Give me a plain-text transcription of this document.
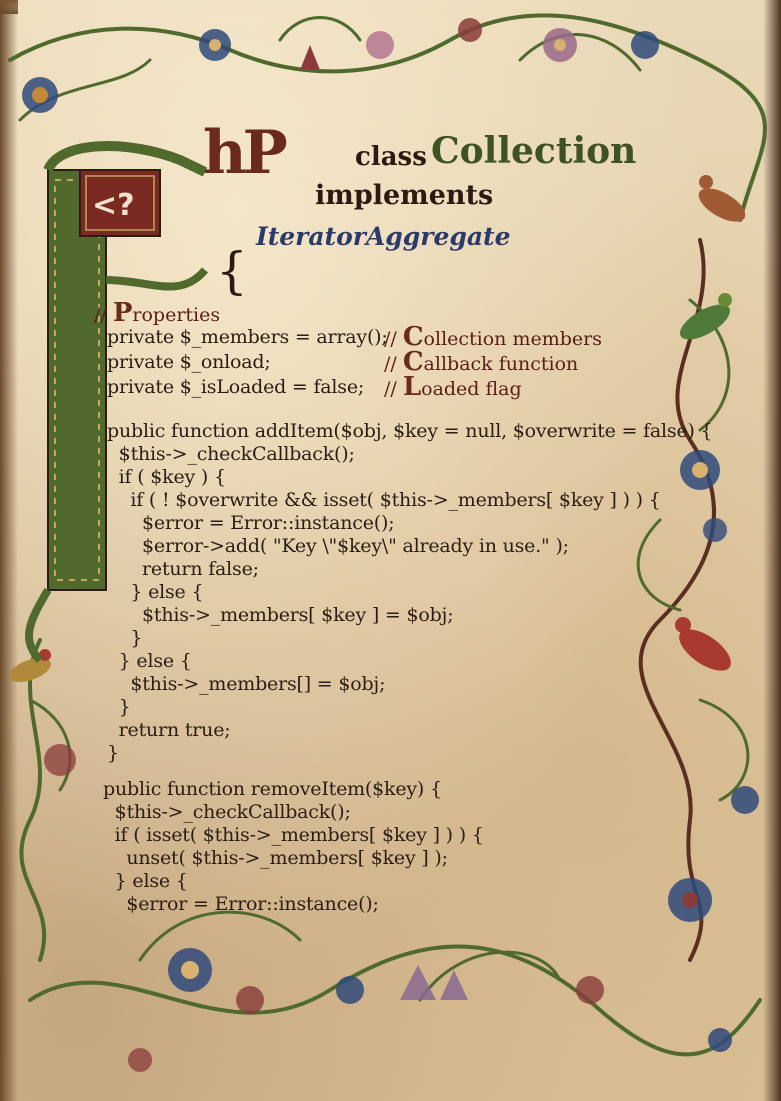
<?
hP	class Collection
implements
IteratorAggregate
{
// Properties
private $_members = array();
// Collection members
private $_onload;	// Callback function
private $_isLoaded = false; // Loaded flag
public function addItem($obj, $key = null, $overwrite = false) {
$this->_checkCallback();
if ( $key ) {
if ( ! $overwrite && isset( $this->_members[ $key ] ) ) {
$error = Error::instance();
$error->add( "Key \"$key\" already in use." );
return false;
} else {
$this->_members[ $key ] = $obj;
}
} else {
$this->_members[] = $obj;
}
return true;
}
public function removeItem($key) {
$this->_checkCallback();
if ( isset( $this->_members[ $key ] ) ) {
unset( $this->_members[ $key ] );
} else {
$error = Error::instance();
